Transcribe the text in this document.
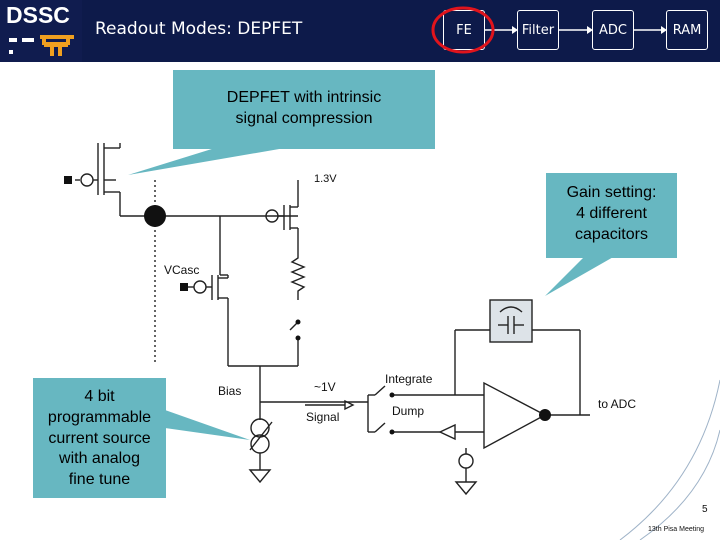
DSSC
Readout Modes: DEPFET	FE	Filter	ADC	RAM
1.3V
VCasc
Bias	~1V
Signal
Integrate
Dump	to ADC
DEPFET with intrinsic
signal compression
Gain setting:
4 different
capacitors
4 bit
programmable
current source
with analog
fine tune
5
13th Pisa Meeting
